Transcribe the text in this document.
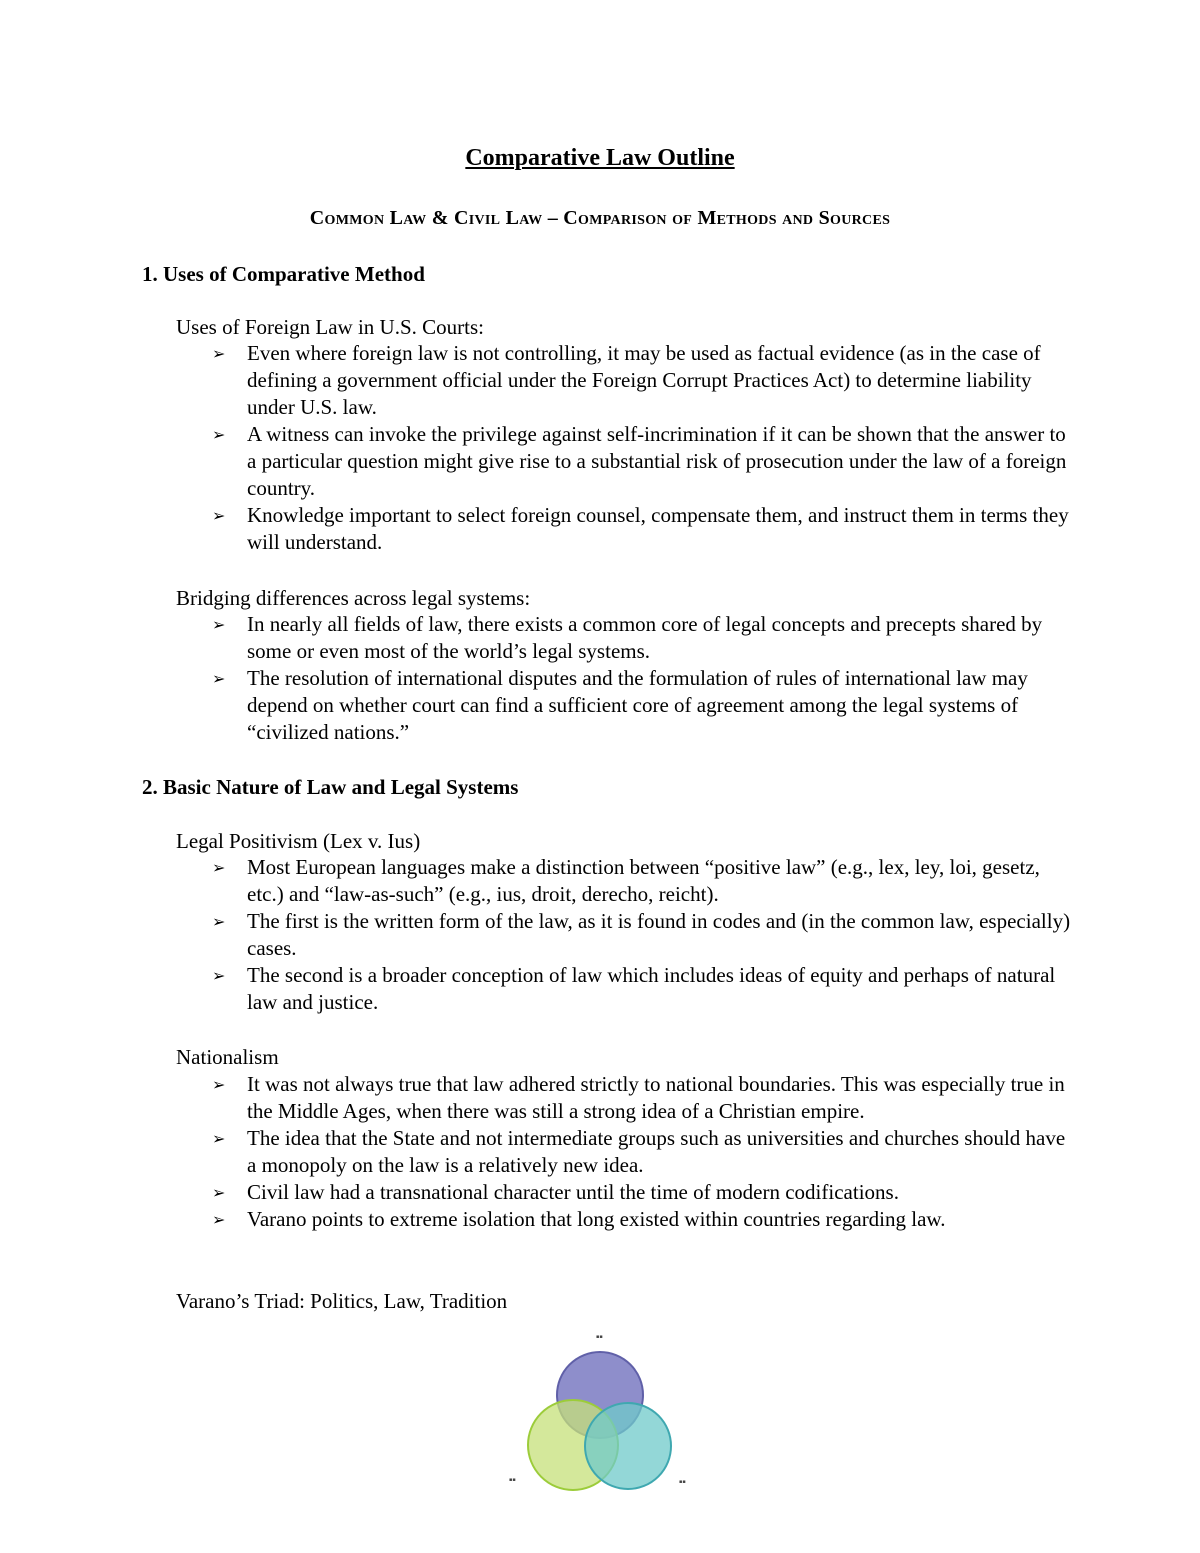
Comparative Law Outline
Common Law & Civil Law – Comparison of Methods and Sources
1. Uses of Comparative Method
Uses of Foreign Law in U.S. Courts:
➢ Even where foreign law is not controlling, it may be used as factual evidence (as in the case of defining a government official under the Foreign Corrupt Practices Act) to determine liability under U.S. law.
➢ A witness can invoke the privilege against self-incrimination if it can be shown that the answer to a particular question might give rise to a substantial risk of prosecution under the law of a foreign country.
➢ Knowledge important to select foreign counsel, compensate them, and instruct them in terms they will understand.
Bridging differences across legal systems:
➢ In nearly all fields of law, there exists a common core of legal concepts and precepts shared by some or even most of the world’s legal systems.
➢ The resolution of international disputes and the formulation of rules of international law may depend on whether court can find a sufficient core of agreement among the legal systems of “civilized nations.”
2. Basic Nature of Law and Legal Systems
Legal Positivism (Lex v. Ius)
➢ Most European languages make a distinction between “positive law” (e.g., lex, ley, loi, gesetz, etc.) and “law-as-such” (e.g., ius, droit, derecho, reicht).
➢ The first is the written form of the law, as it is found in codes and (in the common law, especially) cases.
➢ The second is a broader conception of law which includes ideas of equity and perhaps of natural law and justice.
Nationalism
➢ It was not always true that law adhered strictly to national boundaries. This was especially true in the Middle Ages, when there was still a strong idea of a Christian empire.
➢ The idea that the State and not intermediate groups such as universities and churches should have a monopoly on the law is a relatively new idea.
➢ Civil law had a transnational character until the time of modern codifications.
➢ Varano points to extreme isolation that long existed within countries regarding law.
Varano’s Triad: Politics, Law, Tradition
▪▪
▪▪	▪▪
